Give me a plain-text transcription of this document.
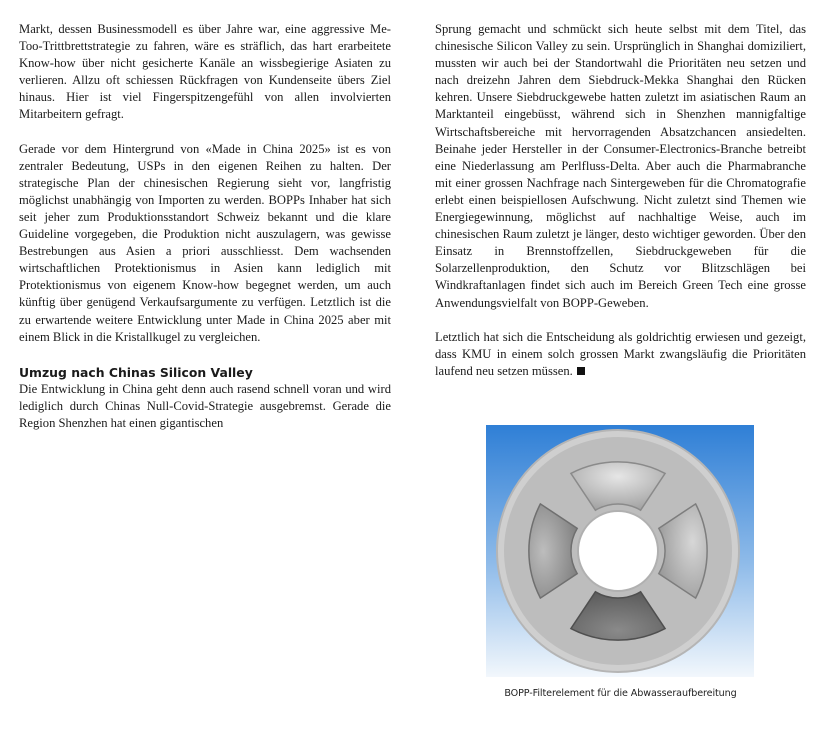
Markt, dessen Businessmodell es über Jahre war, eine aggressive Me-Too-Trittbrettstrategie zu fahren, wäre es sträflich, das hart erarbeitete Know-how über nicht gesicherte Kanäle an wissbegierige Asiaten zu verlieren. Allzu oft schiessen Rückfragen von Kundenseite übers Ziel hinaus. Hier ist viel Fingerspitzengefühl von allen involvierten Mitarbeitern gefragt.

Gerade vor dem Hintergrund von «Made in China 2025» ist es von zentraler Bedeutung, USPs in den eigenen Reihen zu halten. Der strategische Plan der chinesischen Regierung sieht vor, langfristig möglichst unabhängig von Importen zu werden. BOPPs Inhaber hat sich seit jeher zum Produktionsstandort Schweiz bekannt und die klare Guideline vorgegeben, die Produktion nicht auszulagern, was gewisse Bestrebungen aus Asien a priori ausschliesst. Dem wachsenden wirtschaftlichen Protektionismus in Asien kann lediglich mit Protektionismus von eigenem Know-how begegnet werden, um auch künftig über genügend Verkaufsargumente zu verfügen. Letztlich ist die zu erwartende weitere Entwicklung unter Made in China 2025 aber mit einem Blick in die Kristallkugel zu vergleichen.

Umzug nach Chinas Silicon Valley

Die Entwicklung in China geht denn auch rasend schnell voran und wird lediglich durch Chinas Null-Covid-Strategie ausgebremst. Gerade die Region Shenzhen hat einen gigantischen

Sprung gemacht und schmückt sich heute selbst mit dem Titel, das chinesische Silicon Valley zu sein. Ursprünglich in Shanghai domiziliert, mussten wir auch bei der Standortwahl die Prioritäten neu setzen und nach dreizehn Jahren dem Siebdruck-Mekka Shanghai den Rücken kehren. Unsere Siebdruckgewebe hatten zuletzt im asiatischen Raum an Marktanteil eingebüsst, während sich in Shenzhen mannigfaltige Wirtschaftsbereiche mit hervorragenden Absatzchancen ansiedelten. Beinahe jeder Hersteller in der Consumer-Electronics-Branche betreibt eine Niederlassung am Perlfluss-Delta. Aber auch die Pharmabranche mit einer grossen Nachfrage nach Sintergeweben für die Chromatografie erlebt einen beispiellosen Aufschwung. Nicht zuletzt sind Themen wie Energiegewinnung, möglichst auf nachhaltige Weise, auch im chinesischen Raum zuletzt je länger, desto wichtiger geworden. Über den Einsatz in Brennstoffzellen, Siebdruckgeweben für die Solarzellenproduktion, den Schutz vor Blitzschlägen bei Windkraftanlagen findet sich auch im Bereich Green Tech eine grosse Anwendungsvielfalt von BOPP-Geweben.

Letztlich hat sich die Entscheidung als goldrichtig erwiesen und gezeigt, dass KMU in einem solch grossen Markt zwangsläufig die Prioritäten laufend neu setzen müssen.

BOPP-Filterelement für die Abwasseraufbereitung
